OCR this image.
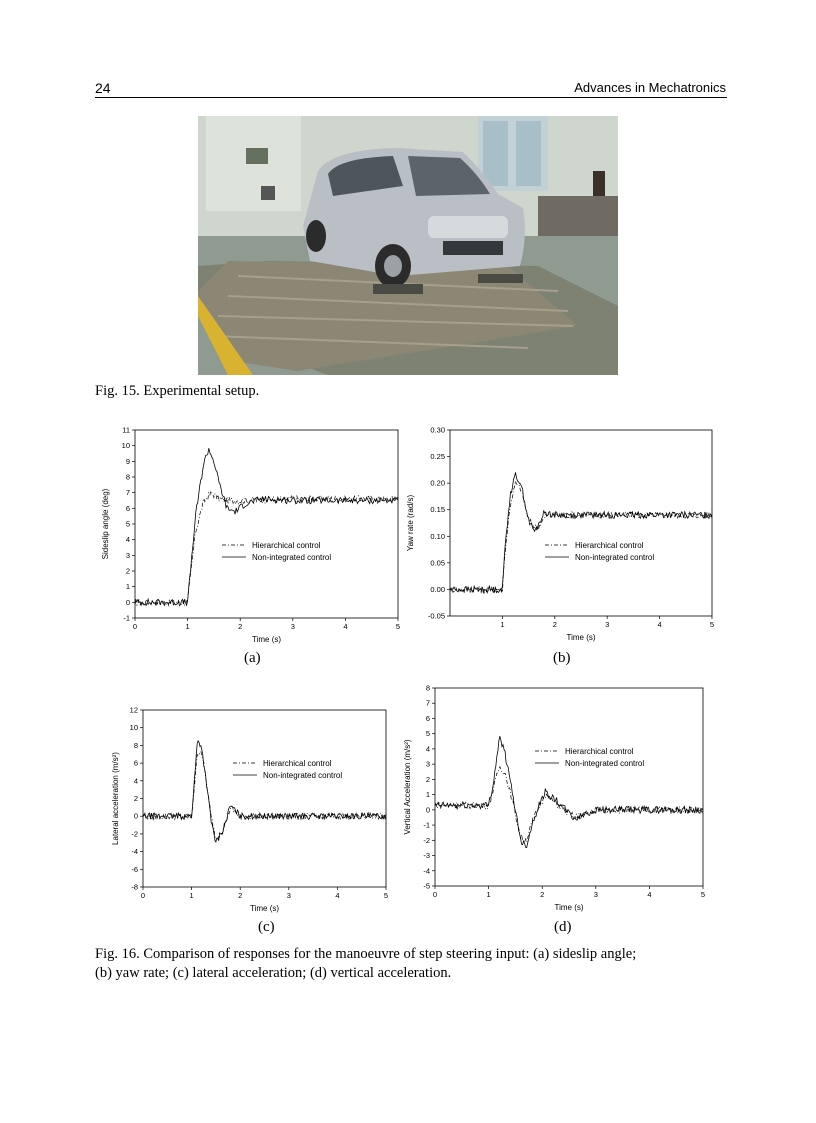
24	Advances in Mechatronics
Fig. 15. Experimental setup.
-1
0
1
2
3
4
5
6
7
8
9
10
11
0	1	2	3	4	5
Time (s)
Sideslip angle (deg)	Hierarchical control
Non-integrated control
(a)
-0.05
0.00
0.05
0.10
0.15
0.20
0.25
0.30
1	2	3	4	5
Time (s)
Yaw rate (rad/s)	Hierarchical control
Non-integrated control
(b)
-8
-6
-4
-2
0
2
4
6
8
10
12
0	1	2	3	4	5
Time (s)
Lateral acceleration (m/s²)	Hierarchical control
Non-integrated control
(c)
-5
-4
-3
-2
-1
0
1
2
3
4
5
6
7
8
0	1	2	3	4	5
Time (s)
Vertical Acceleration (m/s²)	Hierarchical control
Non-integrated control
(d)
Fig. 16. Comparison of responses for the manoeuvre of step steering input: (a) sideslip angle;
(b) yaw rate; (c) lateral acceleration; (d) vertical acceleration.
